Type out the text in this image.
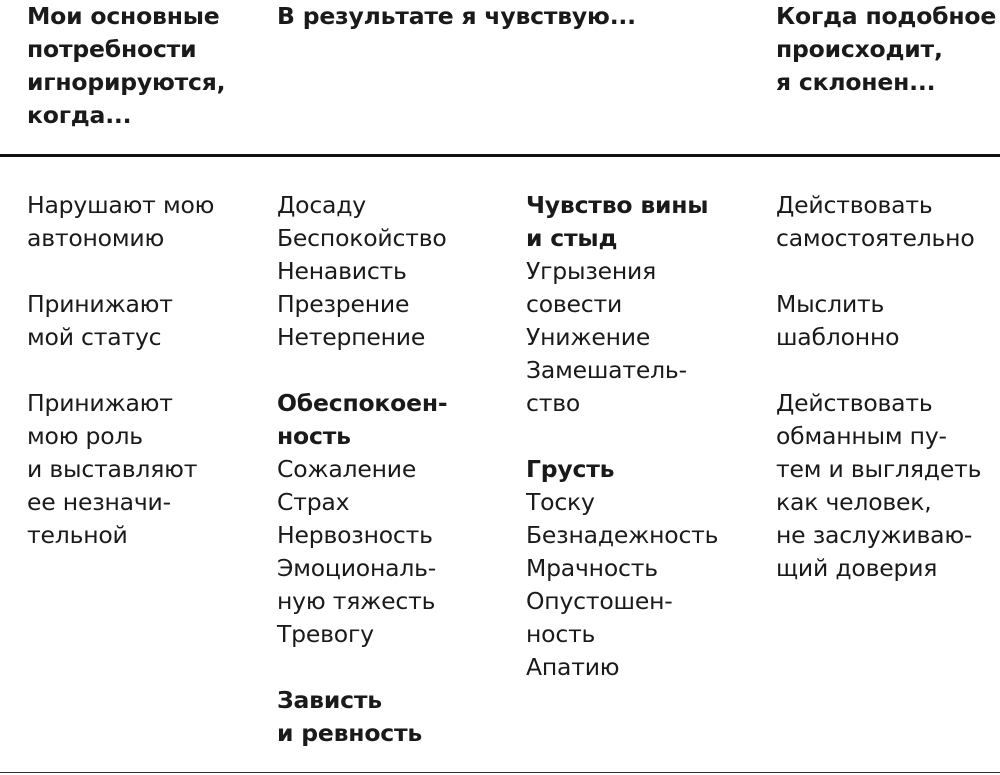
Мои основные
потребности
игнорируются,
когда...
В результате я чувствую...	Когда подобное
происходит,
я склонен...
Нарушают мою
автономию
Принижают
мой статус
Принижают
мою роль
и выставляют
ее незначи-
тельной
Досаду
Беспокойство
Ненависть
Презрение
Нетерпение
Обеспокоен-
ность
Сожаление
Страх
Нервозность
Эмоциональ-
ную тяжесть
Тревогу
Зависть
и ревность
Чувство вины
и стыд
Угрызения
совести
Унижение
Замешатель-
ство
Грусть
Тоску
Безнадежность
Мрачность
Опустошен-
ность
Апатию
Действовать
самостоятельно
Мыслить
шаблонно
Действовать
обманным пу-
тем и выглядеть
как человек,
не заслуживаю-
щий доверия
